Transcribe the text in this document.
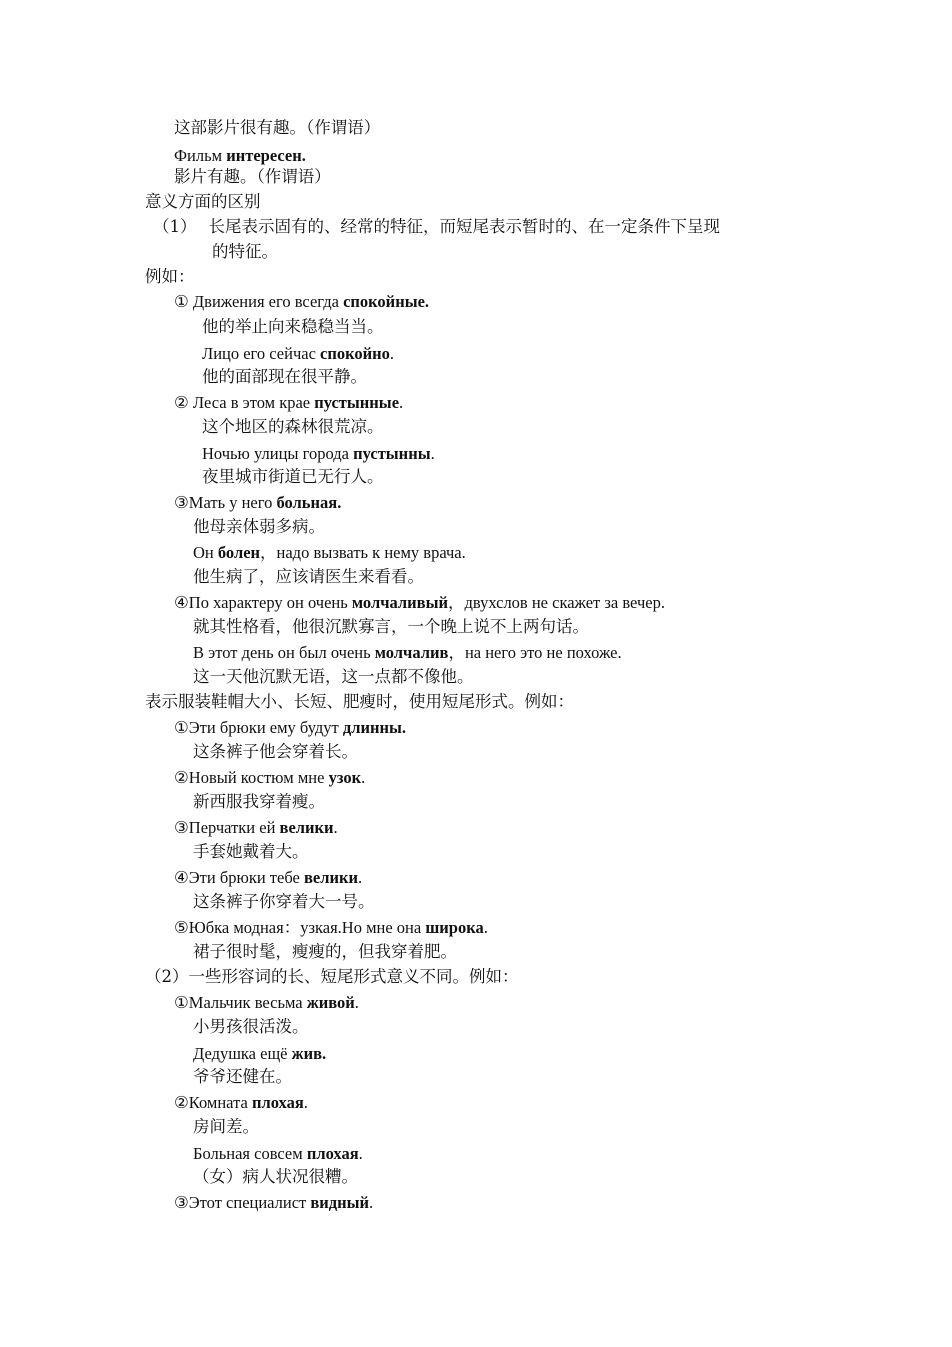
这部影片很有趣。（作谓语）
Фильм интересен.
影片有趣。（作谓语）
意义方面的区别
（1） 长尾表示固有的、经常的特征，而短尾表示暂时的、在一定条件下呈现
的特征。
例如：
① Движения его всегда спокойные.
他的举止向来稳稳当当。
Лицо его сейчас спокойно.
他的面部现在很平静。
② Леса в этом крае пустынные.
这个地区的森林很荒凉。
Ночью улицы города пустынны.
夜里城市街道已无行人。
③Мать у него больная.
他母亲体弱多病。
Он болен，надо вызвать к нему врача.
他生病了，应该请医生来看看。
④По характеру он очень молчаливый，двухслов не скажет за вечер.
就其性格看，他很沉默寡言，一个晚上说不上两句话。
В этот день он был очень молчалив，на него это не похоже.
这一天他沉默无语，这一点都不像他。
表示服装鞋帽大小、长短、肥瘦时，使用短尾形式。例如：
①Эти брюки ему будут длинны.
这条裤子他会穿着长。
②Новый костюм мне узок.
新西服我穿着瘦。
③Перчатки ей велики.
手套她戴着大。
④Эти брюки тебе велики.
这条裤子你穿着大一号。
⑤Юбка модная：узкая.Но мне она широка.
裙子很时髦，瘦瘦的，但我穿着肥。
（2）一些形容词的长、短尾形式意义不同。例如：
①Мальчик весьма живой.
小男孩很活泼。
Дедушка ещё жив.
爷爷还健在。
②Комната плохая.
房间差。
Больная совсем плохая.
（女）病人状况很糟。
③Этот специалист видный.
